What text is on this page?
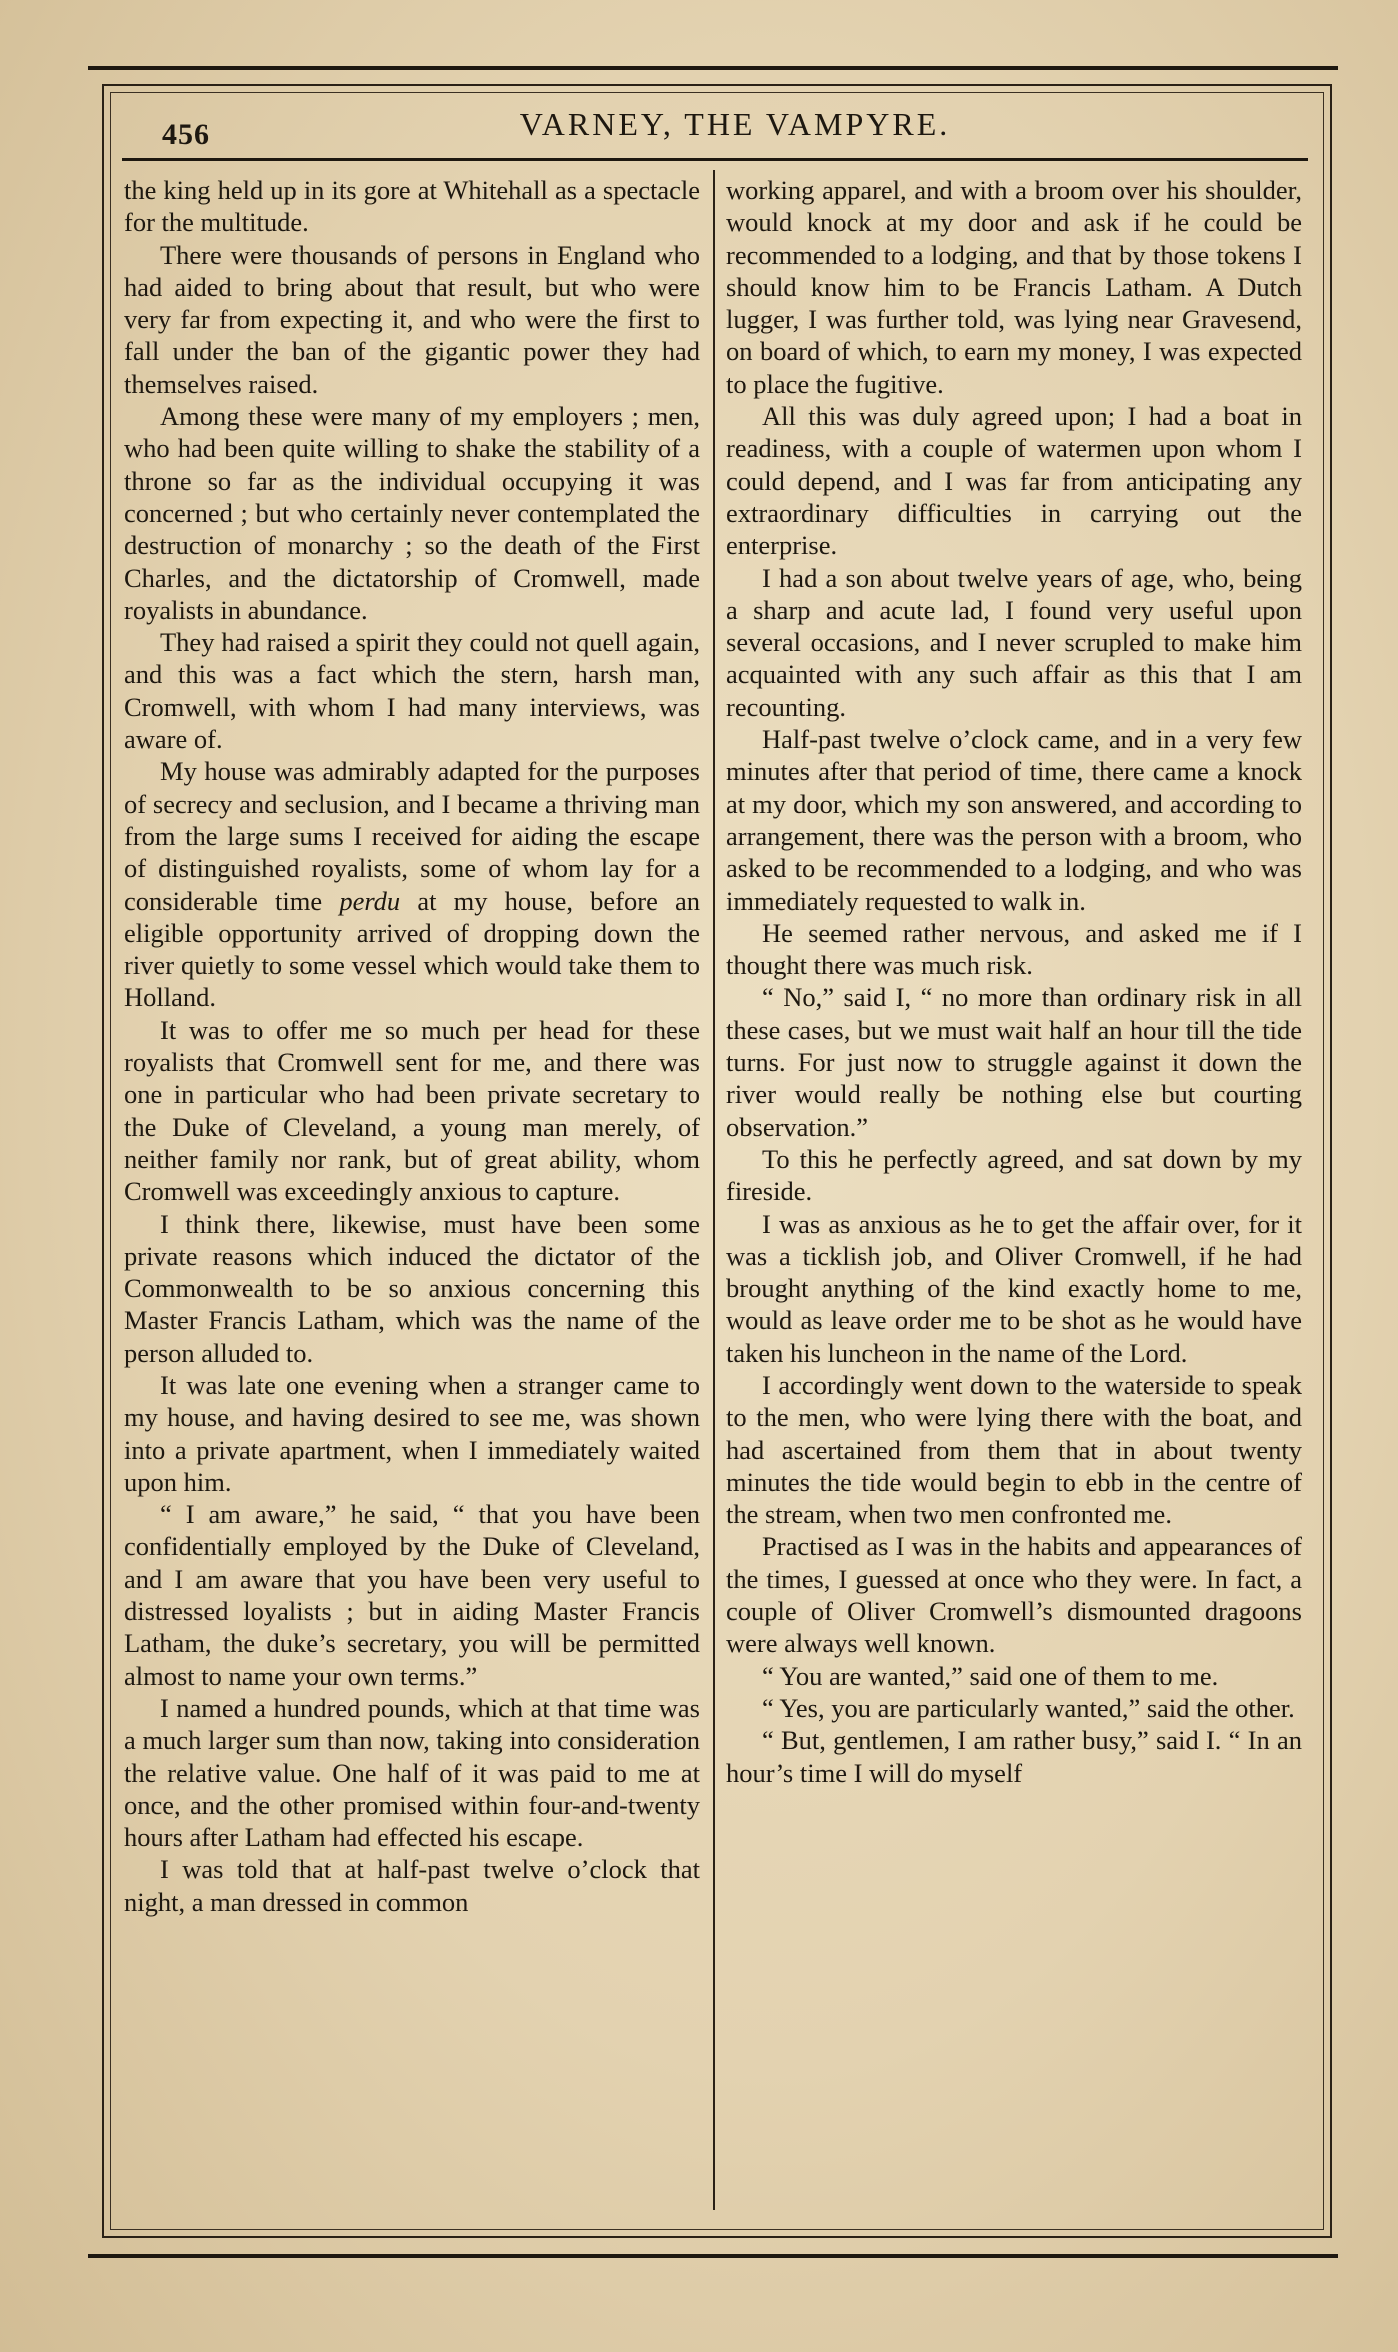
456	VARNEY, THE VAMPYRE.

the king held up in its gore at Whitehall as a spectacle for the multitude.

There were thousands of persons in England who had aided to bring about that result, but who were very far from expecting it, and who were the first to fall under the ban of the gigantic power they had themselves raised.

Among these were many of my employers ; men, who had been quite willing to shake the stability of a throne so far as the individual occupying it was concerned ; but who certainly never contemplated the destruction of monarchy ; so the death of the First Charles, and the dictatorship of Cromwell, made royalists in abundance.

They had raised a spirit they could not quell again, and this was a fact which the stern, harsh man, Cromwell, with whom I had many interviews, was aware of.

My house was admirably adapted for the purposes of secrecy and seclusion, and I became a thriving man from the large sums I received for aiding the escape of distinguished royalists, some of whom lay for a considerable time perdu at my house, before an eligible opportunity arrived of dropping down the river quietly to some vessel which would take them to Holland.

It was to offer me so much per head for these royalists that Cromwell sent for me, and there was one in particular who had been private secretary to the Duke of Cleveland, a young man merely, of neither family nor rank, but of great ability, whom Cromwell was exceedingly anxious to capture.

I think there, likewise, must have been some private reasons which induced the dictator of the Commonwealth to be so anxious concerning this Master Francis Latham, which was the name of the person alluded to.

It was late one evening when a stranger came to my house, and having desired to see me, was shown into a private apartment, when I immediately waited upon him.

“ I am aware,” he said, “ that you have been confidentially employed by the Duke of Cleveland, and I am aware that you have been very useful to distressed loyalists ; but in aiding Master Francis Latham, the duke’s secretary, you will be permitted almost to name your own terms.”

I named a hundred pounds, which at that time was a much larger sum than now, taking into consideration the relative value. One half of it was paid to me at once, and the other promised within four-and-twenty hours after Latham had effected his escape.

I was told that at half-past twelve o’clock that night, a man dressed in common

working apparel, and with a broom over his shoulder, would knock at my door and ask if he could be recommended to a lodging, and that by those tokens I should know him to be Francis Latham. A Dutch lugger, I was further told, was lying near Gravesend, on board of which, to earn my money, I was expected to place the fugitive.

All this was duly agreed upon; I had a boat in readiness, with a couple of watermen upon whom I could depend, and I was far from anticipating any extraordinary difficulties in carrying out the enterprise.

I had a son about twelve years of age, who, being a sharp and acute lad, I found very useful upon several occasions, and I never scrupled to make him acquainted with any such affair as this that I am recounting.

Half-past twelve o’clock came, and in a very few minutes after that period of time, there came a knock at my door, which my son answered, and according to arrangement, there was the person with a broom, who asked to be recommended to a lodging, and who was immediately requested to walk in.

He seemed rather nervous, and asked me if I thought there was much risk.

“ No,” said I, “ no more than ordinary risk in all these cases, but we must wait half an hour till the tide turns. For just now to struggle against it down the river would really be nothing else but courting observation.”

To this he perfectly agreed, and sat down by my fireside.

I was as anxious as he to get the affair over, for it was a ticklish job, and Oliver Cromwell, if he had brought anything of the kind exactly home to me, would as leave order me to be shot as he would have taken his luncheon in the name of the Lord.

I accordingly went down to the waterside to speak to the men, who were lying there with the boat, and had ascertained from them that in about twenty minutes the tide would begin to ebb in the centre of the stream, when two men confronted me.

Practised as I was in the habits and appearances of the times, I guessed at once who they were. In fact, a couple of Oliver Cromwell’s dismounted dragoons were always well known.

“ You are wanted,” said one of them to me.

“ Yes, you are particularly wanted,” said the other.

“ But, gentlemen, I am rather busy,” said I. “ In an hour’s time I will do myself
